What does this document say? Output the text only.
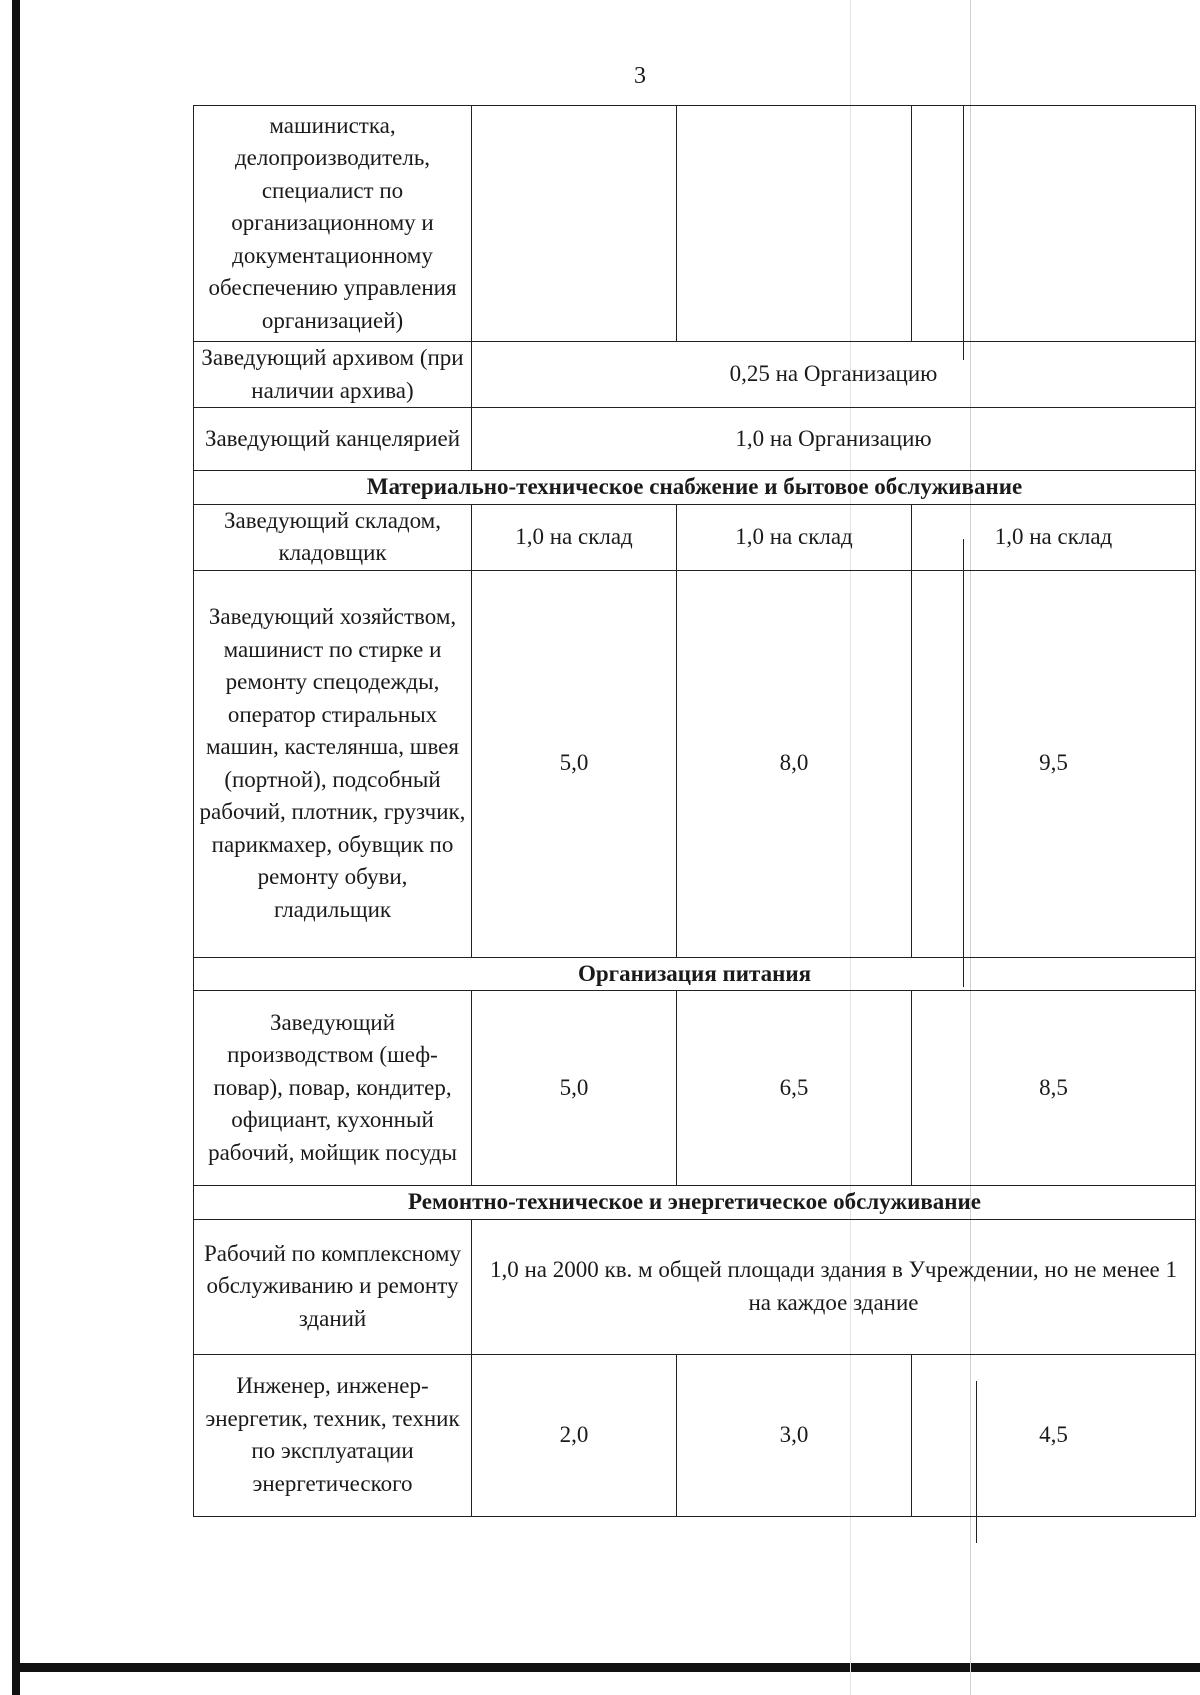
3
машинистка, делопроизводитель, специалист по организационному и документационному обеспечению управления организацией)			
Заведующий архивом (при наличии архива)	0,25 на Организацию		
Заведующий канцелярией	1,0 на Организацию		
Материально-техническое снабжение и бытовое обслуживание			
Заведующий складом, кладовщик	1,0 на склад	1,0 на склад	1,0 на склад
Заведующий хозяйством, машинист по стирке и ремонту спецодежды, оператор стиральных машин, кастелянша, швея (портной), подсобный рабочий, плотник, грузчик, парикмахер, обувщик по ремонту обуви, гладильщик	5,0	8,0	9,5
Организация питания			
Заведующий производством (шеф-повар), повар, кондитер, официант, кухонный рабочий, мойщик посуды	5,0	6,5	8,5
Ремонтно-техническое и энергетическое обслуживание			
Рабочий по комплексному обслуживанию и ремонту зданий	1,0 на 2000 кв. м общей площади здания в Учреждении, но не менее 1 на каждое здание		
Инженер, инженер-энергетик, техник, техник по эксплуатации энергетического	2,0	3,0	4,5
